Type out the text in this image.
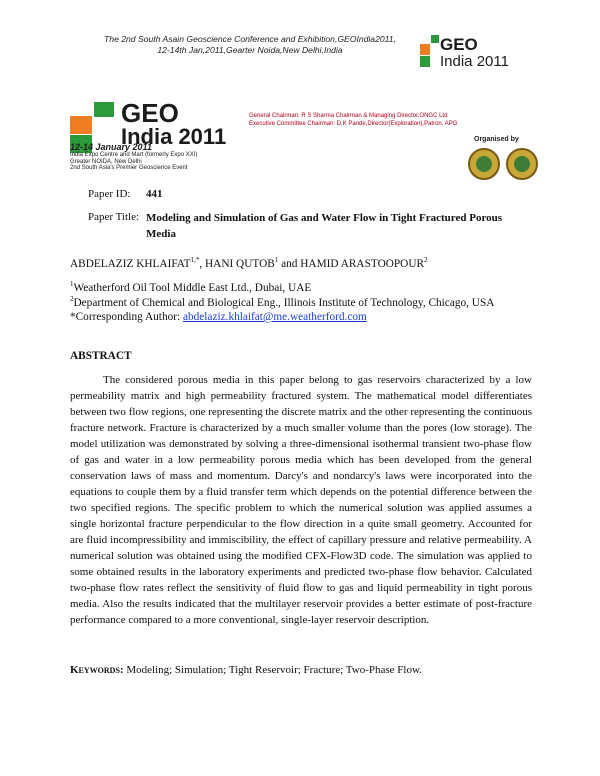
The 2nd South Asain Geoscience Conference and Exhibition,GEOIndia2011,
12-14th Jan,2011,Gearter Noida,New Delhi,India	GEO
India 2011
GEO
India 2011
12-14 January 2011
India Expo Centre and Mart (formerly Expo XXI)
Greater NOIDA, New Delhi
2nd South Asia's Premier Geoscience Event
General Chairman: R S Sharma Chairman & Managing Director,ONGC Ltd
Executive Committee Chairman: D.K Pande,Director(Exploration),Patron, APG
Organised by
Paper ID:	441
Paper Title: Modeling and Simulation of Gas and Water Flow in Tight Fractured Porous Media
ABDELAZIZ $KHLAIFAT^{1,*}$, HANI QUTOB$^1$ and HAMID ARASTOOPOUR$^2$
$^1$Weatherford Oil Tool Middle East Ltd., Dubai, UAE
$^2$Department of Chemical and Biological Eng., Illinois Institute of Technology, Chicago, USA
*Corresponding Author: abdelaziz.khlaifat@me.weatherford.com
ABSTRACT

The considered porous media in this paper belong to gas reservoirs characterized by a low permeability matrix and high permeability fractured system. The mathematical model differentiates between two flow regions, one representing the discrete matrix and the other representing the continuous fracture network. Fracture is characterized by a much smaller volume than the pores (low storage). The model utilization was demonstrated by solving a three-dimensional isothermal transient two-phase flow of gas and water in a low permeability porous media which has been developed from the general conservation laws of mass and momentum. Darcy's and nondarcy's laws were incorporated into the equations to couple them by a fluid transfer term which depends on the potential difference between the two specified regions. The specific problem to which the numerical solution was applied assumes a single horizontal fracture perpendicular to the flow direction in a quite small geometry. Accounted for are fluid incompressibility and immiscibility, the effect of capillary pressure and relative permeability. A numerical solution was obtained using the modified CFX-Flow3D code. The simulation was applied to some obtained results in the laboratory experiments and predicted two-phase flow behavior. Calculated two-phase flow rates reflect the sensitivity of fluid flow to gas and liquid permeability in tight porous media. Also the results indicated that the multilayer reservoir provides a better estimate of post-fracture performance compared to a more conventional, single-layer reservoir description.

Keywords: Modeling; Simulation; Tight Reservoir; Fracture; Two-Phase Flow.
